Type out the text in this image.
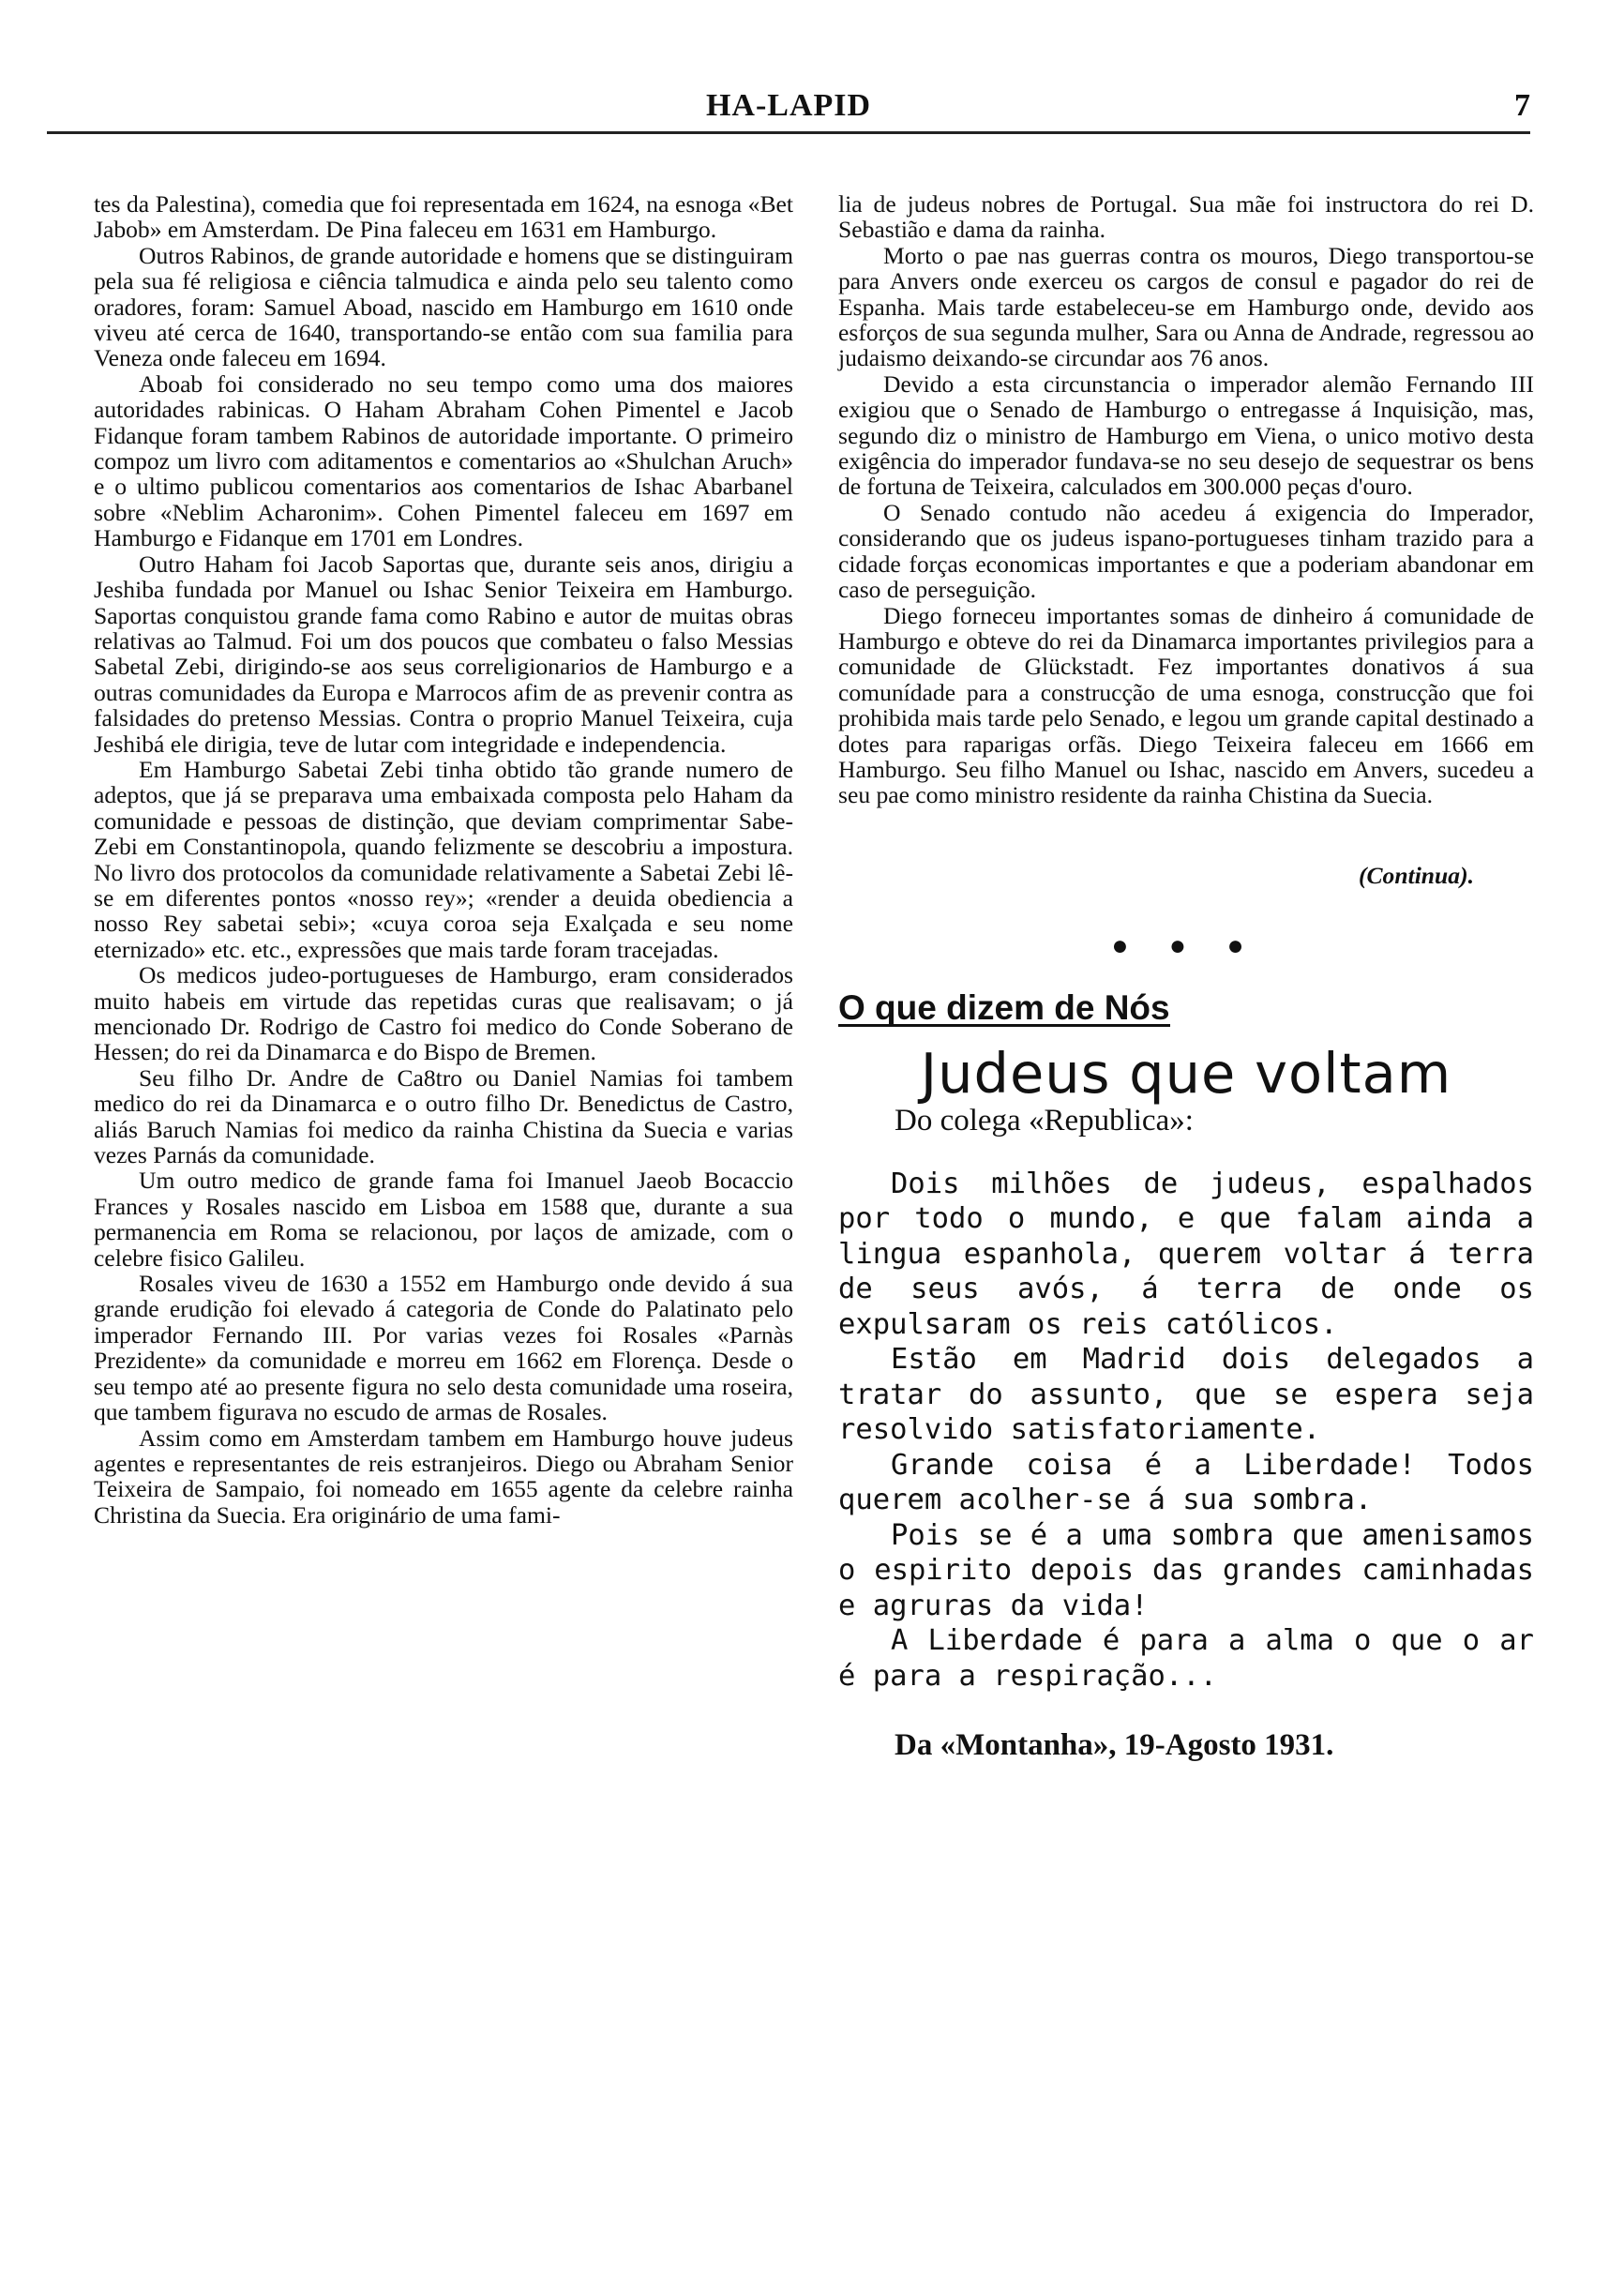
HA-LAPID	7

tes da Palestina), comedia que foi representada em 1624, na esnoga «Bet Jabob» em Amsterdam. De Pina faleceu em 1631 em Hamburgo.

Outros Rabinos, de grande autoridade e homens que se distinguiram pela sua fé religiosa e ciência talmudica e ainda pelo seu talento como oradores, foram: Samuel Aboad, nascido em Hamburgo em 1610 onde viveu até cerca de 1640, transportando-se então com sua familia para Veneza onde faleceu em 1694.

Aboab foi considerado no seu tempo como uma dos maiores autoridades rabinicas. O Haham Abraham Cohen Pimentel e Jacob Fidanque foram tambem Rabinos de autoridade importante. O primeiro compoz um livro com aditamentos e comentarios ao «Shulchan Aruch» e o ultimo publicou comentarios aos comentarios de Ishac Abarbanel sobre «Neblim Acharonim». Cohen Pimentel faleceu em 1697 em Hamburgo e Fidanque em 1701 em Londres.

Outro Haham foi Jacob Saportas que, durante seis anos, dirigiu a Jeshiba fundada por Manuel ou Ishac Senior Teixeira em Hamburgo. Saportas conquistou grande fama como Rabino e autor de muitas obras relativas ao Talmud. Foi um dos poucos que combateu o falso Messias Sabetal Zebi, dirigindo-se aos seus correligionarios de Hamburgo e a outras comunidades da Europa e Marrocos afim de as prevenir contra as falsidades do pretenso Messias. Contra o proprio Manuel Teixeira, cuja Jeshibá ele dirigia, teve de lutar com integridade e independencia.

Em Hamburgo Sabetai Zebi tinha obtido tão grande numero de adeptos, que já se preparava uma embaixada composta pelo Haham da comunidade e pessoas de distinção, que deviam comprimentar Sabe-Zebi em Constantinopola, quando felizmente se descobriu a impostura. No livro dos protocolos da comunidade relativamente a Sabetai Zebi lê-se em diferentes pontos «nosso rey»; «render a deuida obediencia a nosso Rey sabetai sebi»; «cuya coroa seja Exalçada e seu nome eternizado» etc. etc., expressões que mais tarde foram tracejadas.

Os medicos judeo-portugueses de Hamburgo, eram considerados muito habeis em virtude das repetidas curas que realisavam; o já mencionado Dr. Rodrigo de Castro foi medico do Conde Soberano de Hessen; do rei da Dinamarca e do Bispo de Bremen.

Seu filho Dr. Andre de Ca8tro ou Daniel Namias foi tambem medico do rei da Dinamarca e o outro filho Dr. Benedictus de Castro, aliás Baruch Namias foi medico da rainha Chistina da Suecia e varias vezes Parnás da comunidade.

Um outro medico de grande fama foi Imanuel Jaeob Bocaccio Frances y Rosales nascido em Lisboa em 1588 que, durante a sua permanencia em Roma se relacionou, por laços de amizade, com o celebre fisico Galileu.

Rosales viveu de 1630 a 1552 em Hamburgo onde devido á sua grande erudição foi elevado á categoria de Conde do Palatinato pelo imperador Fernando III. Por varias vezes foi Rosales «Parnàs Prezidente» da comunidade e morreu em 1662 em Florença. Desde o seu tempo até ao presente figura no selo desta comunidade uma roseira, que tambem figurava no escudo de armas de Rosales.

Assim como em Amsterdam tambem em Hamburgo houve judeus agentes e representantes de reis estranjeiros. Diego ou Abraham Senior Teixeira de Sampaio, foi nomeado em 1655 agente da celebre rainha Christina da Suecia. Era originário de uma fami-

lia de judeus nobres de Portugal. Sua mãe foi instructora do rei D. Sebastião e dama da rainha.

Morto o pae nas guerras contra os mouros, Diego transportou-se para Anvers onde exerceu os cargos de consul e pagador do rei de Espanha. Mais tarde estabeleceu-se em Hamburgo onde, devido aos esforços de sua segunda mulher, Sara ou Anna de Andrade, regressou ao judaismo deixando-se circundar aos 76 anos.

Devido a esta circunstancia o imperador alemão Fernando III exigiou que o Senado de Hamburgo o entregasse á Inquisição, mas, segundo diz o ministro de Hamburgo em Viena, o unico motivo desta exigência do imperador fundava-se no seu desejo de sequestrar os bens de fortuna de Teixeira, calculados em 300.000 peças d'ouro.

O Senado contudo não acedeu á exigencia do Imperador, considerando que os judeus ispano-portugueses tinham trazido para a cidade forças economicas importantes e que a poderiam abandonar em caso de perseguição.

Diego forneceu importantes somas de dinheiro á comunidade de Hamburgo e obteve do rei da Dinamarca importantes privilegios para a comunidade de Glückstadt. Fez importantes donativos á sua comunídade para a construcção de uma esnoga, construcção que foi prohibida mais tarde pelo Senado, e legou um grande capital destinado a dotes para raparigas orfãs. Diego Teixeira faleceu em 1666 em Hamburgo. Seu filho Manuel ou Ishac, nascido em Anvers, sucedeu a seu pae como ministro residente da rainha Chistina da Suecia.

(Continua).
● ● ●
O que dizem de Nós
Judeus que voltam
Do colega «Republica»:

Dois milhões de judeus, espalhados por todo o mundo, e que falam ainda a lingua espanhola, querem voltar á terra de seus avós, á terra de onde os expulsaram os reis católicos.

Estão em Madrid dois delegados a tratar do assunto, que se espera seja resolvido satisfatoriamente.

Grande coisa é a Liberdade! Todos querem acolher-se á sua sombra.

Pois se é a uma sombra que amenisamos o espirito depois das grandes caminhadas e agruras da vida!

A Liberdade é para a alma o que o ar é para a respiração...

Da «Montanha», 19-Agosto 1931.
